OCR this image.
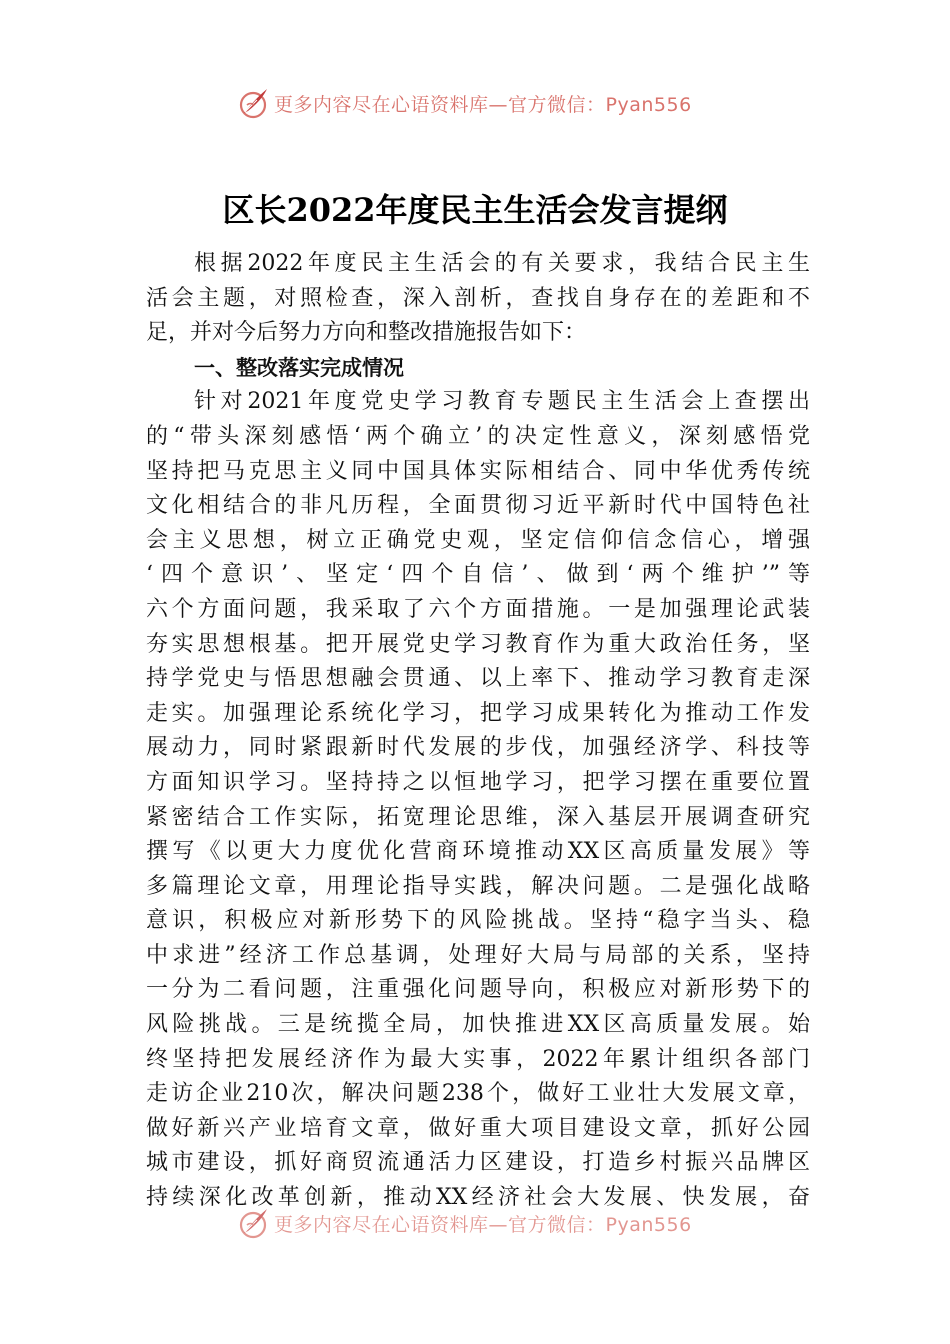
更多内容尽在心语资料库—官方微信：Pyan556
区长2022年度民主生活会发言提纲
根据2022年度民主生活会的有关要求，我结合民主生
活会主题，对照检查，深入剖析，查找自身存在的差距和不
足，并对今后努力方向和整改措施报告如下：
一、整改落实完成情况
针对2021年度党史学习教育专题民主生活会上查摆出
的“带头深刻感悟‘两个确立’的决定性意义，深刻感悟党
坚持把马克思主义同中国具体实际相结合、同中华优秀传统
文化相结合的非凡历程，全面贯彻习近平新时代中国特色社
会主义思想，树立正确党史观，坚定信仰信念信心，增强
‘四个意识’、坚定‘四个自信’、做到‘两个维护’”等
六个方面问题，我采取了六个方面措施。一是加强理论武装
夯实思想根基。把开展党史学习教育作为重大政治任务，坚
持学党史与悟思想融会贯通、以上率下、推动学习教育走深
走实。加强理论系统化学习，把学习成果转化为推动工作发
展动力，同时紧跟新时代发展的步伐，加强经济学、科技等
方面知识学习。坚持持之以恒地学习，把学习摆在重要位置
紧密结合工作实际，拓宽理论思维，深入基层开展调查研究
撰写《以更大力度优化营商环境推动XX区高质量发展》等
多篇理论文章，用理论指导实践，解决问题。二是强化战略
意识，积极应对新形势下的风险挑战。坚持“稳字当头、稳
中求进”经济工作总基调，处理好大局与局部的关系，坚持
一分为二看问题，注重强化问题导向，积极应对新形势下的
风险挑战。三是统揽全局，加快推进XX区高质量发展。始
终坚持把发展经济作为最大实事，2022年累计组织各部门
走访企业210次，解决问题238个，做好工业壮大发展文章，
做好新兴产业培育文章，做好重大项目建设文章，抓好公园
城市建设，抓好商贸流通活力区建设，打造乡村振兴品牌区
持续深化改革创新，推动XX经济社会大发展、快发展，奋
更多内容尽在心语资料库—官方微信：Pyan556
